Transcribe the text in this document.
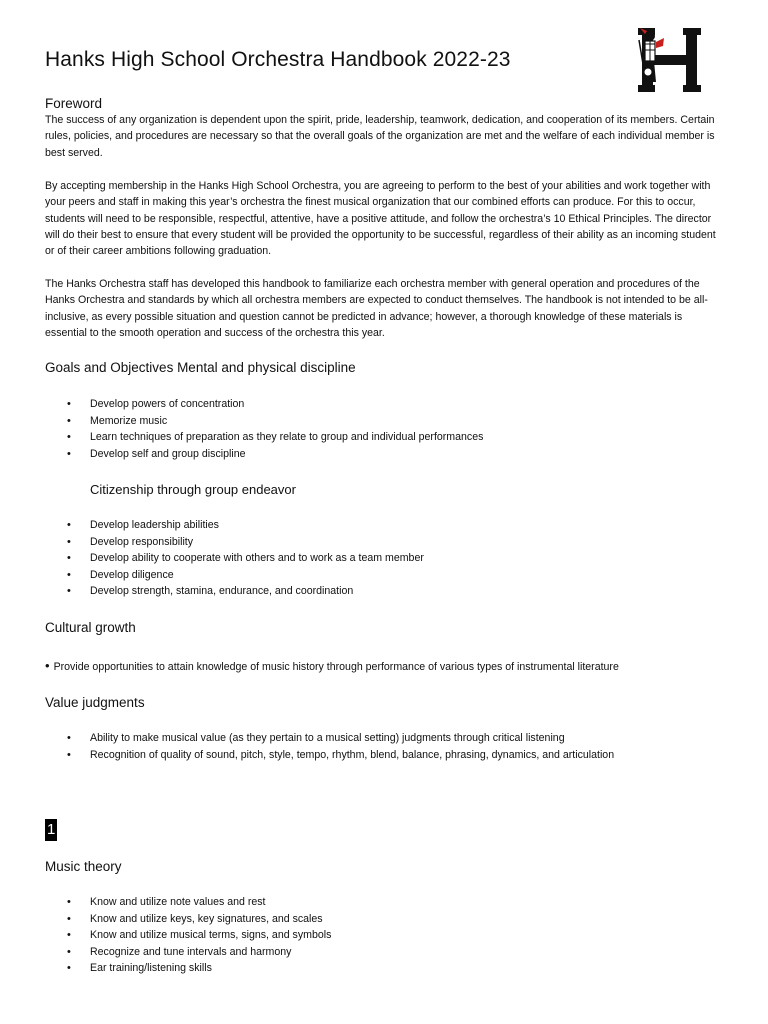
Hanks High School Orchestra Handbook 2022-23
Foreword

The success of any organization is dependent upon the spirit, pride, leadership, teamwork, dedication, and cooperation of its members. Certain rules, policies, and procedures are necessary so that the overall goals of the organization are met and the welfare of each individual member is best served.

By accepting membership in the Hanks High School Orchestra, you are agreeing to perform to the best of your abilities and work together with your peers and staff in making this year’s orchestra the finest musical organization that our combined efforts can produce. For this to occur, students will need to be responsible, respectful, attentive, have a positive attitude, and follow the orchestra’s 10 Ethical Principles. The director will do their best to ensure that every student will be provided the opportunity to be successful, regardless of their ability as an incoming student or of their career ambitions following graduation.

The Hanks Orchestra staff has developed this handbook to familiarize each orchestra member with general operation and procedures of the Hanks Orchestra and standards by which all orchestra members are expected to conduct themselves. The handbook is not intended to be all-inclusive, as every possible situation and question cannot be predicted in advance; however, a thorough knowledge of these materials is essential to the smooth operation and success of the orchestra this year.

Goals and Objectives Mental and physical discipline
• Develop powers of concentration
• Memorize music
• Learn techniques of preparation as they relate to group and individual performances
• Develop self and group discipline
Citizenship through group endeavor
• Develop leadership abilities
• Develop responsibility
• Develop ability to cooperate with others and to work as a team member
• Develop diligence
• Develop strength, stamina, endurance, and coordination
Cultural growth
• Provide opportunities to attain knowledge of music history through performance of various types of instrumental literature
Value judgments
• Ability to make musical value (as they pertain to a musical setting) judgments through critical listening
• Recognition of quality of sound, pitch, style, tempo, rhythm, blend, balance, phrasing, dynamics, and articulation
1
Music theory
• Know and utilize note values and rest
• Know and utilize keys, key signatures, and scales
• Know and utilize musical terms, signs, and symbols
• Recognize and tune intervals and harmony
• Ear training/listening skills
